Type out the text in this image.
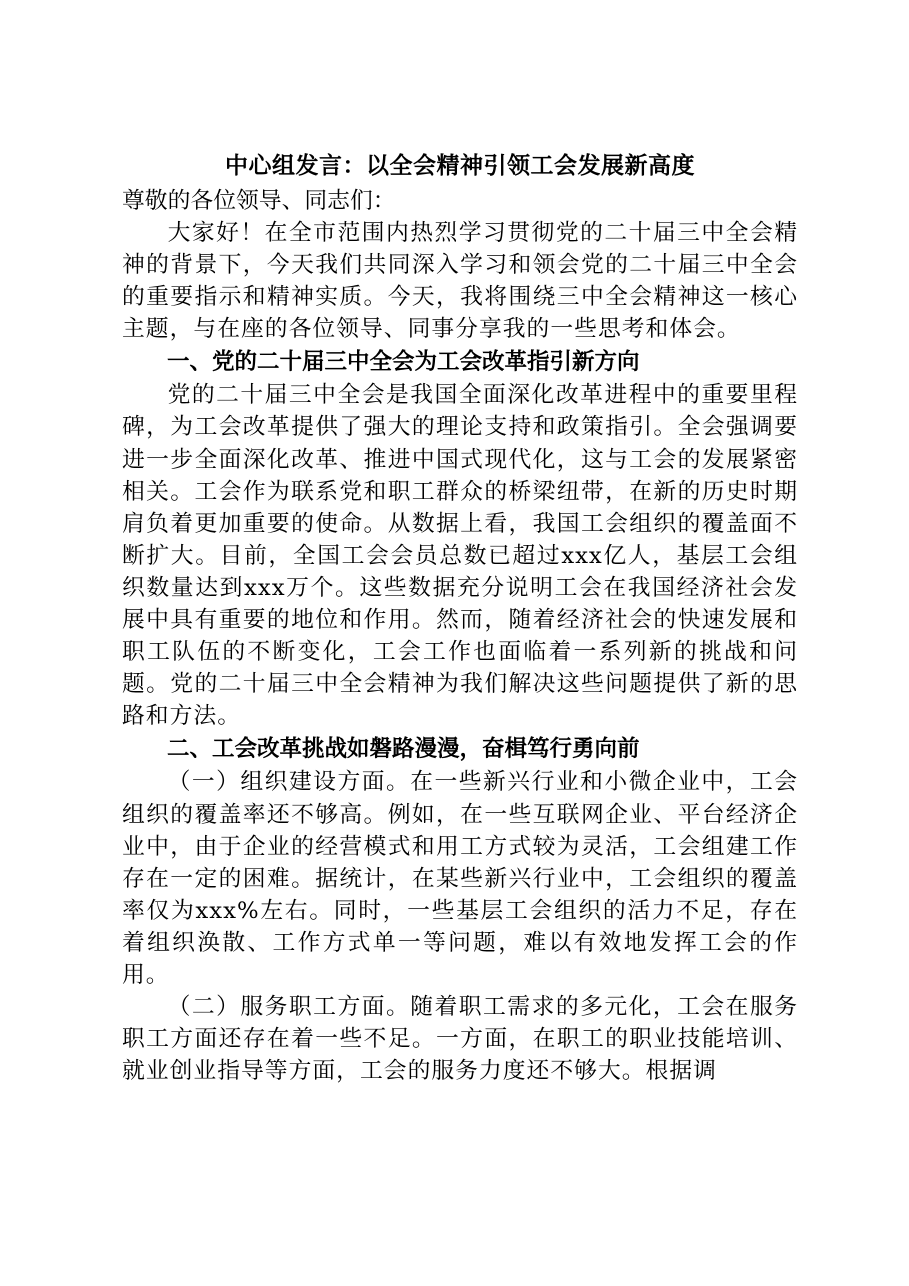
中心组发言：以全会精神引领工会发展新高度

尊敬的各位领导、同志们：

大家好！在全市范围内热烈学习贯彻党的二十届三中全会精神的背景下，今天我们共同深入学习和领会党的二十届三中全会的重要指示和精神实质。今天，我将围绕三中全会精神这一核心主题，与在座的各位领导、同事分享我的一些思考和体会。

一、党的二十届三中全会为工会改革指引新方向

党的二十届三中全会是我国全面深化改革进程中的重要里程碑，为工会改革提供了强大的理论支持和政策指引。全会强调要进一步全面深化改革、推进中国式现代化，这与工会的发展紧密相关。工会作为联系党和职工群众的桥梁纽带，在新的历史时期肩负着更加重要的使命。从数据上看，我国工会组织的覆盖面不断扩大。目前，全国工会会员总数已超过xxx亿人，基层工会组织数量达到xxx万个。这些数据充分说明工会在我国经济社会发展中具有重要的地位和作用。然而，随着经济社会的快速发展和职工队伍的不断变化，工会工作也面临着一系列新的挑战和问题。党的二十届三中全会精神为我们解决这些问题提供了新的思路和方法。

二、工会改革挑战如磐路漫漫，奋楫笃行勇向前

（一）组织建设方面。在一些新兴行业和小微企业中，工会组织的覆盖率还不够高。例如，在一些互联网企业、平台经济企业中，由于企业的经营模式和用工方式较为灵活，工会组建工作存在一定的困难。据统计，在某些新兴行业中，工会组织的覆盖率仅为xxx%左右。同时，一些基层工会组织的活力不足，存在着组织涣散、工作方式单一等问题，难以有效地发挥工会的作用。

（二）服务职工方面。随着职工需求的多元化，工会在服务职工方面还存在着一些不足。一方面，在职工的职业技能培训、就业创业指导等方面，工会的服务力度还不够大。根据调
